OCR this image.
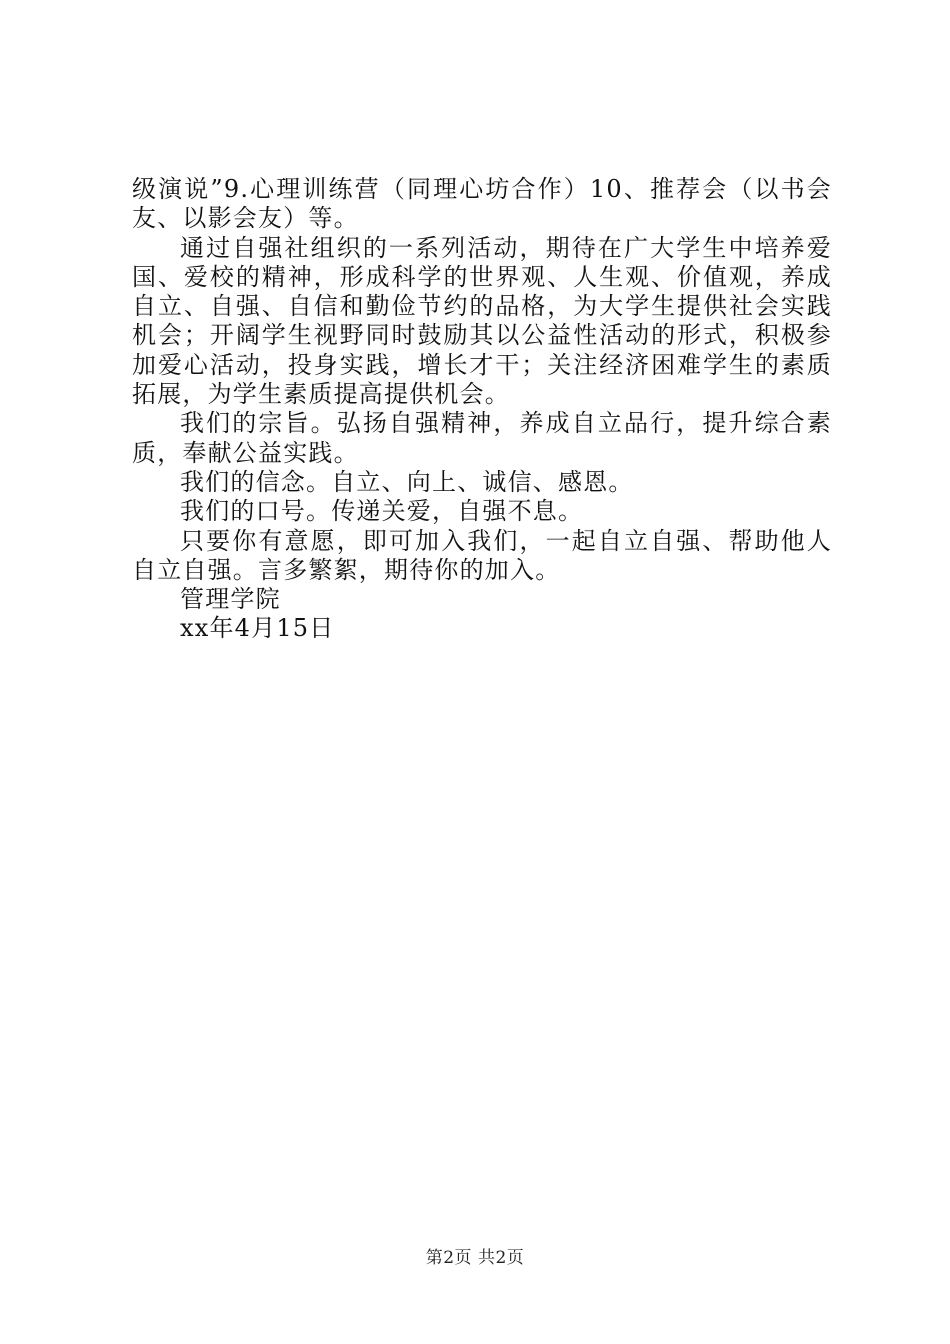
级演说”9.心理训练营（同理心坊合作）10、推荐会（以书会友、以影会友）等。

通过自强社组织的一系列活动，期待在广大学生中培养爱国、爱校的精神，形成科学的世界观、人生观、价值观，养成自立、自强、自信和勤俭节约的品格，为大学生提供社会实践机会；开阔学生视野同时鼓励其以公益性活动的形式，积极参加爱心活动，投身实践，增长才干；关注经济困难学生的素质拓展，为学生素质提高提供机会。

我们的宗旨。弘扬自强精神，养成自立品行，提升综合素质，奉献公益实践。

我们的信念。自立、向上、诚信、感恩。

我们的口号。传递关爱，自强不息。

只要你有意愿，即可加入我们，一起自立自强、帮助他人自立自强。言多繁絮，期待你的加入。

管理学院

xx年4月15日

第2页 共2页
